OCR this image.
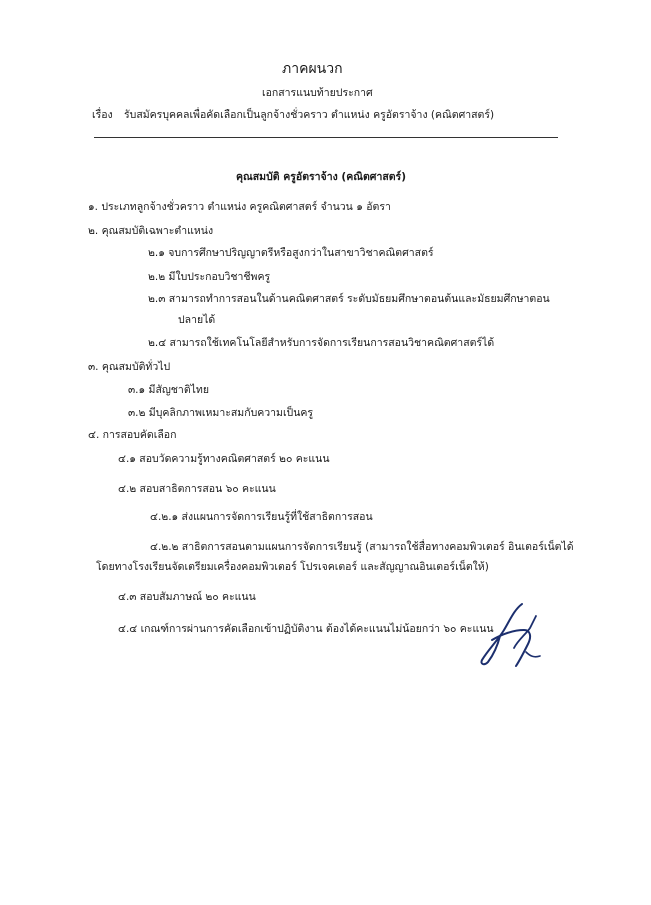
ภาคผนวก
เอกสารแนบท้ายประกาศ
เรื่อง รับสมัครบุคคลเพื่อคัดเลือกเป็นลูกจ้างชั่วคราว ตำแหน่ง ครูอัตราจ้าง (คณิตศาสตร์)
คุณสมบัติ ครูอัตราจ้าง (คณิตศาสตร์)
๑. ประเภทลูกจ้างชั่วคราว ตำแหน่ง ครูคณิตศาสตร์ จำนวน ๑ อัตรา
๒. คุณสมบัติเฉพาะตำแหน่ง
๒.๑ จบการศึกษาปริญญาตรีหรือสูงกว่าในสาขาวิชาคณิตศาสตร์
๒.๒ มีใบประกอบวิชาชีพครู
๒.๓ สามารถทำการสอนในด้านคณิตศาสตร์ ระดับมัธยมศึกษาตอนต้นและมัธยมศึกษาตอน
ปลายได้
๒.๔ สามารถใช้เทคโนโลยีสำหรับการจัดการเรียนการสอนวิชาคณิตศาสตร์ได้
๓. คุณสมบัติทั่วไป
๓.๑ มีสัญชาติไทย
๓.๒ มีบุคลิกภาพเหมาะสมกับความเป็นครู
๔. การสอบคัดเลือก
๔.๑ สอบวัดความรู้ทางคณิตศาสตร์ ๒๐ คะแนน
๔.๒ สอบสาธิตการสอน ๖๐ คะแนน
๔.๒.๑ ส่งแผนการจัดการเรียนรู้ที่ใช้สาธิตการสอน
๔.๒.๒ สาธิตการสอนตามแผนการจัดการเรียนรู้ (สามารถใช้สื่อทางคอมพิวเตอร์ อินเตอร์เน็ตได้
โดยทางโรงเรียนจัดเตรียมเครื่องคอมพิวเตอร์ โปรเจคเตอร์ และสัญญาณอินเตอร์เน็ตให้)
๔.๓ สอบสัมภาษณ์ ๒๐ คะแนน
๔.๔ เกณฑ์การผ่านการคัดเลือกเข้าปฏิบัติงาน ต้องได้คะแนนไม่น้อยกว่า ๖๐ คะแนน
